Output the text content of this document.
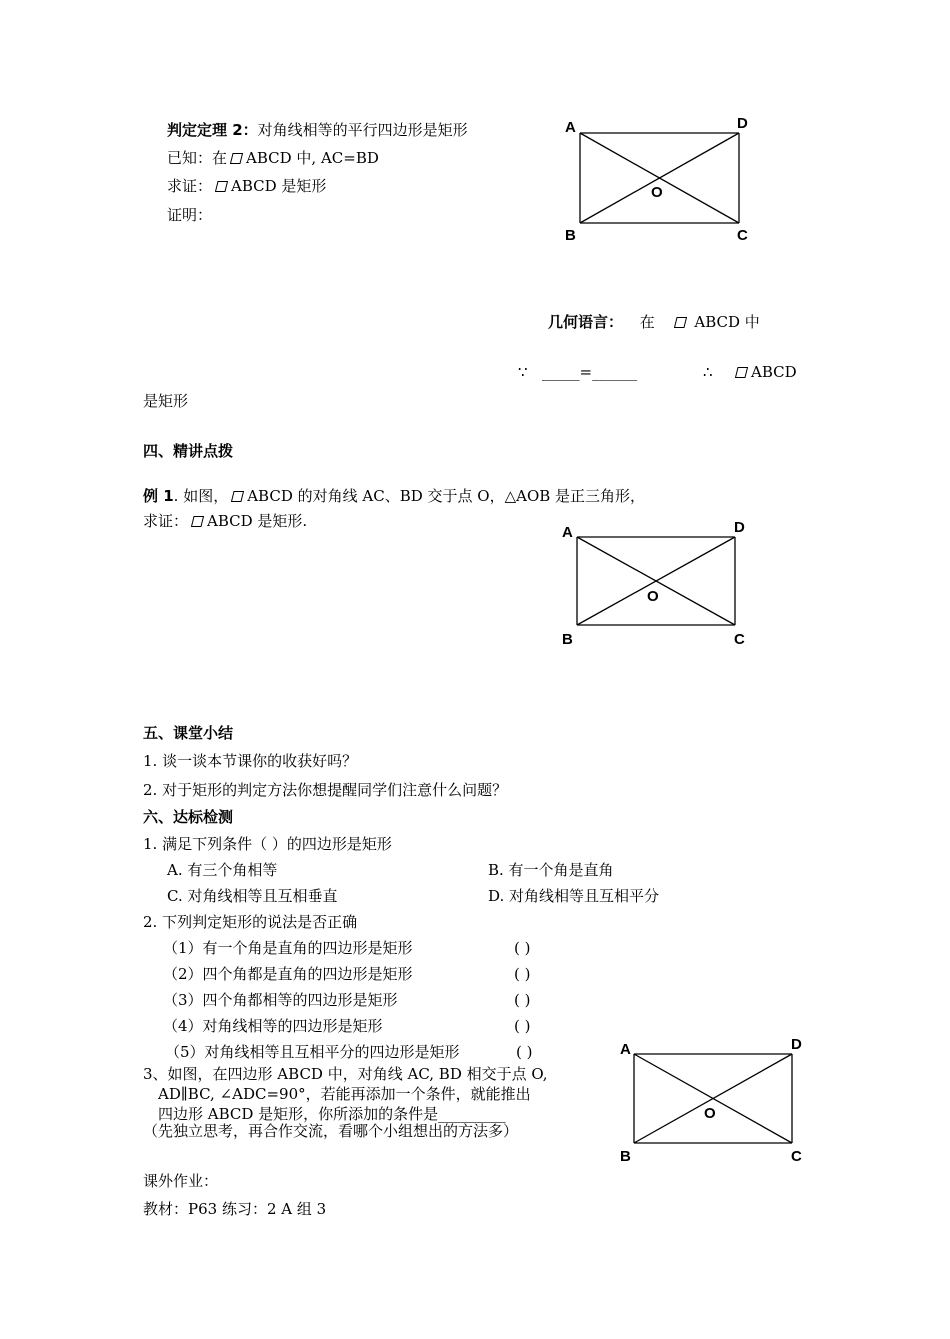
判定定理 2：对角线相等的平行四边形是矩形
已知：在 ABCD 中, AC=BD
求证： ABCD 是矩形
证明：
A	D
B	C
O
几何语言： 在	ABCD 中
∵ _____=______	∴	ABCD
是矩形
四、精讲点拨
例 1. 如图， ABCD 的对角线 AC、BD 交于点 O，△AOB 是正三角形，
求证： ABCD 是矩形.
A	D
B	C
O
五、课堂小结
1. 谈一谈本节课你的收获好吗？
2. 对于矩形的判定方法你想提醒同学们注意什么问题？
六、达标检测
1. 满足下列条件（ ）的四边形是矩形
A. 有三个角相等	B. 有一个角是直角
C. 对角线相等且互相垂直	D. 对角线相等且互相平分
2. 下列判定矩形的说法是否正确
（1）有一个角是直角的四边形是矩形	( )
（2）四个角都是直角的四边形是矩形	( )
（3）四个角都相等的四边形是矩形	( )
（4）对角线相等的四边形是矩形	( )
（5）对角线相等且互相平分的四边形是矩形	( )
3、如图，在四边形 ABCD 中，对角线 AC, BD 相交于点 O,
AD∥BC, ∠ADC=90°，若能再添加一个条件，就能推出
四边形 ABCD 是矩形，你所添加的条件是_________
（先独立思考，再合作交流，看哪个小组想出的方法多）
A	D
B	C
O
课外作业：
教材：P63 练习：2 A 组 3
